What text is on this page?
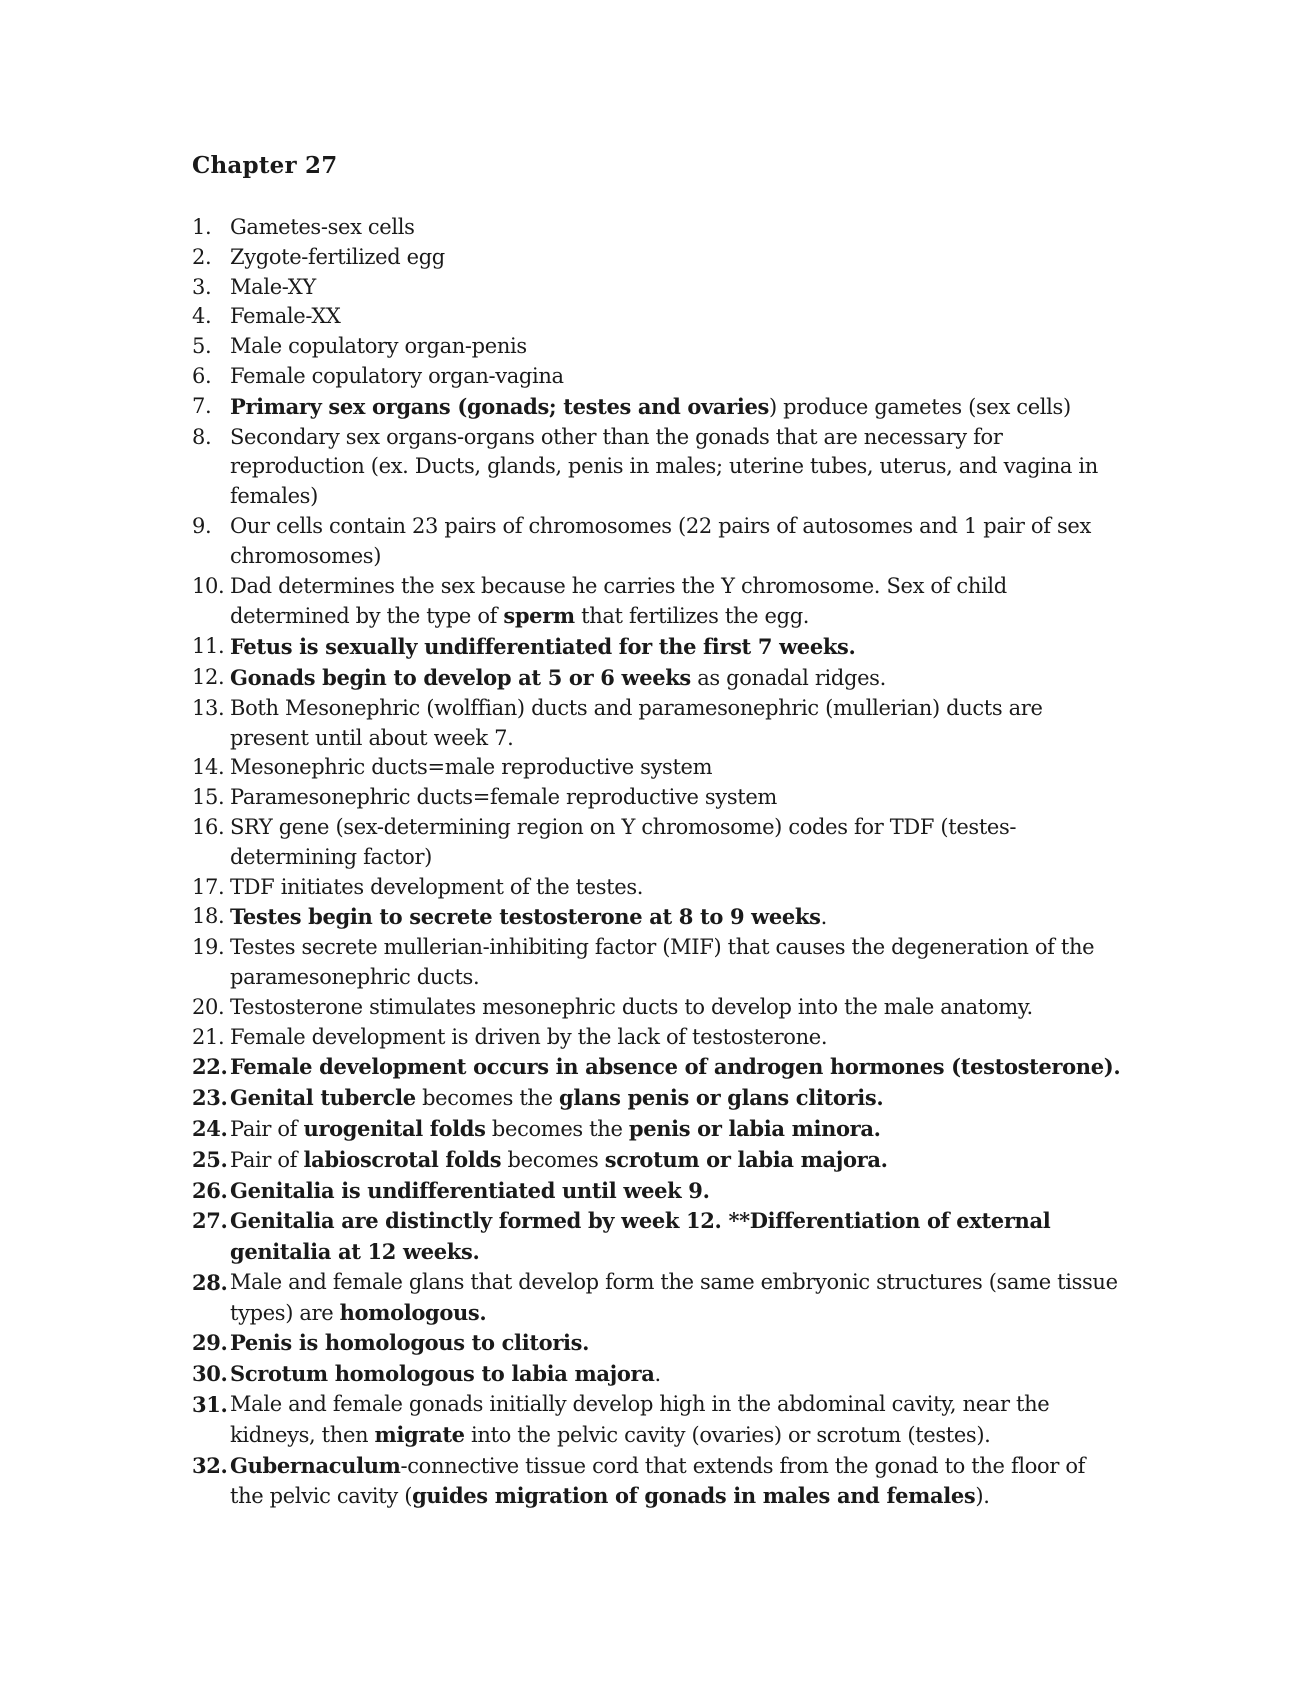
Chapter 27
1. Gametes-sex cells
2. Zygote-fertilized egg
3. Male-XY
4. Female-XX
5. Male copulatory organ-penis
6. Female copulatory organ-vagina
7. Primary sex organs (gonads; testes and ovaries) produce gametes (sex cells)
8. Secondary sex organs-organs other than the gonads that are necessary for reproduction (ex. Ducts, glands, penis in males; uterine tubes, uterus, and vagina in females)
9. Our cells contain 23 pairs of chromosomes (22 pairs of autosomes and 1 pair of sex chromosomes)
10. Dad determines the sex because he carries the Y chromosome. Sex of child determined by the type of sperm that fertilizes the egg.
11. Fetus is sexually undifferentiated for the first 7 weeks.
12. Gonads begin to develop at 5 or 6 weeks as gonadal ridges.
13. Both Mesonephric (wolffian) ducts and paramesonephric (mullerian) ducts are present until about week 7.
14. Mesonephric ducts=male reproductive system
15. Paramesonephric ducts=female reproductive system
16. SRY gene (sex-determining region on Y chromosome) codes for TDF (testes-determining factor)
17. TDF initiates development of the testes.
18. Testes begin to secrete testosterone at 8 to 9 weeks.
19. Testes secrete mullerian-inhibiting factor (MIF) that causes the degeneration of the paramesonephric ducts.
20. Testosterone stimulates mesonephric ducts to develop into the male anatomy.
21. Female development is driven by the lack of testosterone.
22. Female development occurs in absence of androgen hormones (testosterone).
23. Genital tubercle becomes the glans penis or glans clitoris.
24. Pair of urogenital folds becomes the penis or labia minora.
25. Pair of labioscrotal folds becomes scrotum or labia majora.
26. Genitalia is undifferentiated until week 9.
27. Genitalia are distinctly formed by week 12. **Differentiation of external genitalia at 12 weeks.
28. Male and female glans that develop form the same embryonic structures (same tissue types) are homologous.
29. Penis is homologous to clitoris.
30. Scrotum homologous to labia majora.
31. Male and female gonads initially develop high in the abdominal cavity, near the kidneys, then migrate into the pelvic cavity (ovaries) or scrotum (testes).
32. Gubernaculum-connective tissue cord that extends from the gonad to the floor of the pelvic cavity (guides migration of gonads in males and females).
